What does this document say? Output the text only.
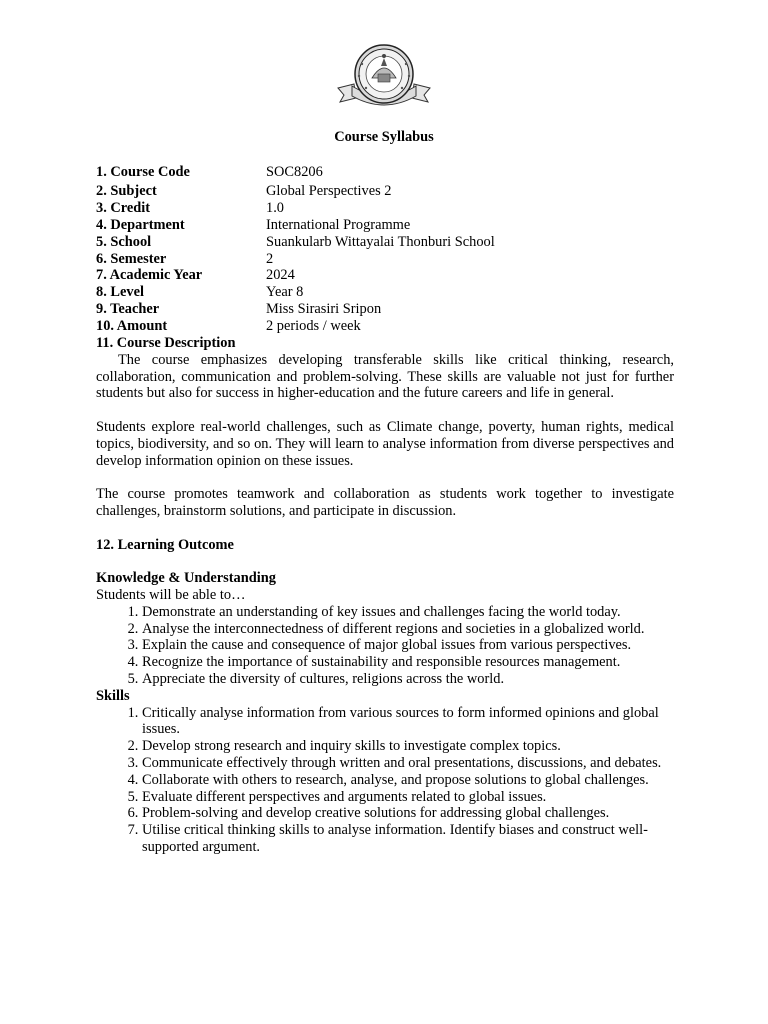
Course Syllabus
1. Course Code	SOC8206
2. Subject	Global Perspectives 2
3. Credit	1.0
4. Department	International Programme
5. School	Suankularb Wittayalai Thonburi School
6. Semester	2
7. Academic Year	2024
8. Level	Year 8
9. Teacher	Miss Sirasiri Sripon
10. Amount	2 periods / week
11. Course Description

The course emphasizes developing transferable skills like critical thinking, research, collaboration, communication and problem-solving. These skills are valuable not just for further students but also for success in higher-education and the future careers and life in general.

Students explore real-world challenges, such as Climate change, poverty, human rights, medical topics, biodiversity, and so on. They will learn to analyse information from diverse perspectives and develop information opinion on these issues.

The course promotes teamwork and collaboration as students work together to investigate challenges, brainstorm solutions, and participate in discussion.

12. Learning Outcome
Knowledge & Understanding
Students will be able to…
1. Demonstrate an understanding of key issues and challenges facing the world today.
2. Analyse the interconnectedness of different regions and societies in a globalized world.
3. Explain the cause and consequence of major global issues from various perspectives.
4. Recognize the importance of sustainability and responsible resources management.
5. Appreciate the diversity of cultures, religions across the world.
Skills
1. Critically analyse information from various sources to form informed opinions and global issues.
2. Develop strong research and inquiry skills to investigate complex topics.
3. Communicate effectively through written and oral presentations, discussions, and debates.
4. Collaborate with others to research, analyse, and propose solutions to global challenges.
5. Evaluate different perspectives and arguments related to global issues.
6. Problem-solving and develop creative solutions for addressing global challenges.
7. Utilise critical thinking skills to analyse information. Identify biases and construct well-supported argument.
